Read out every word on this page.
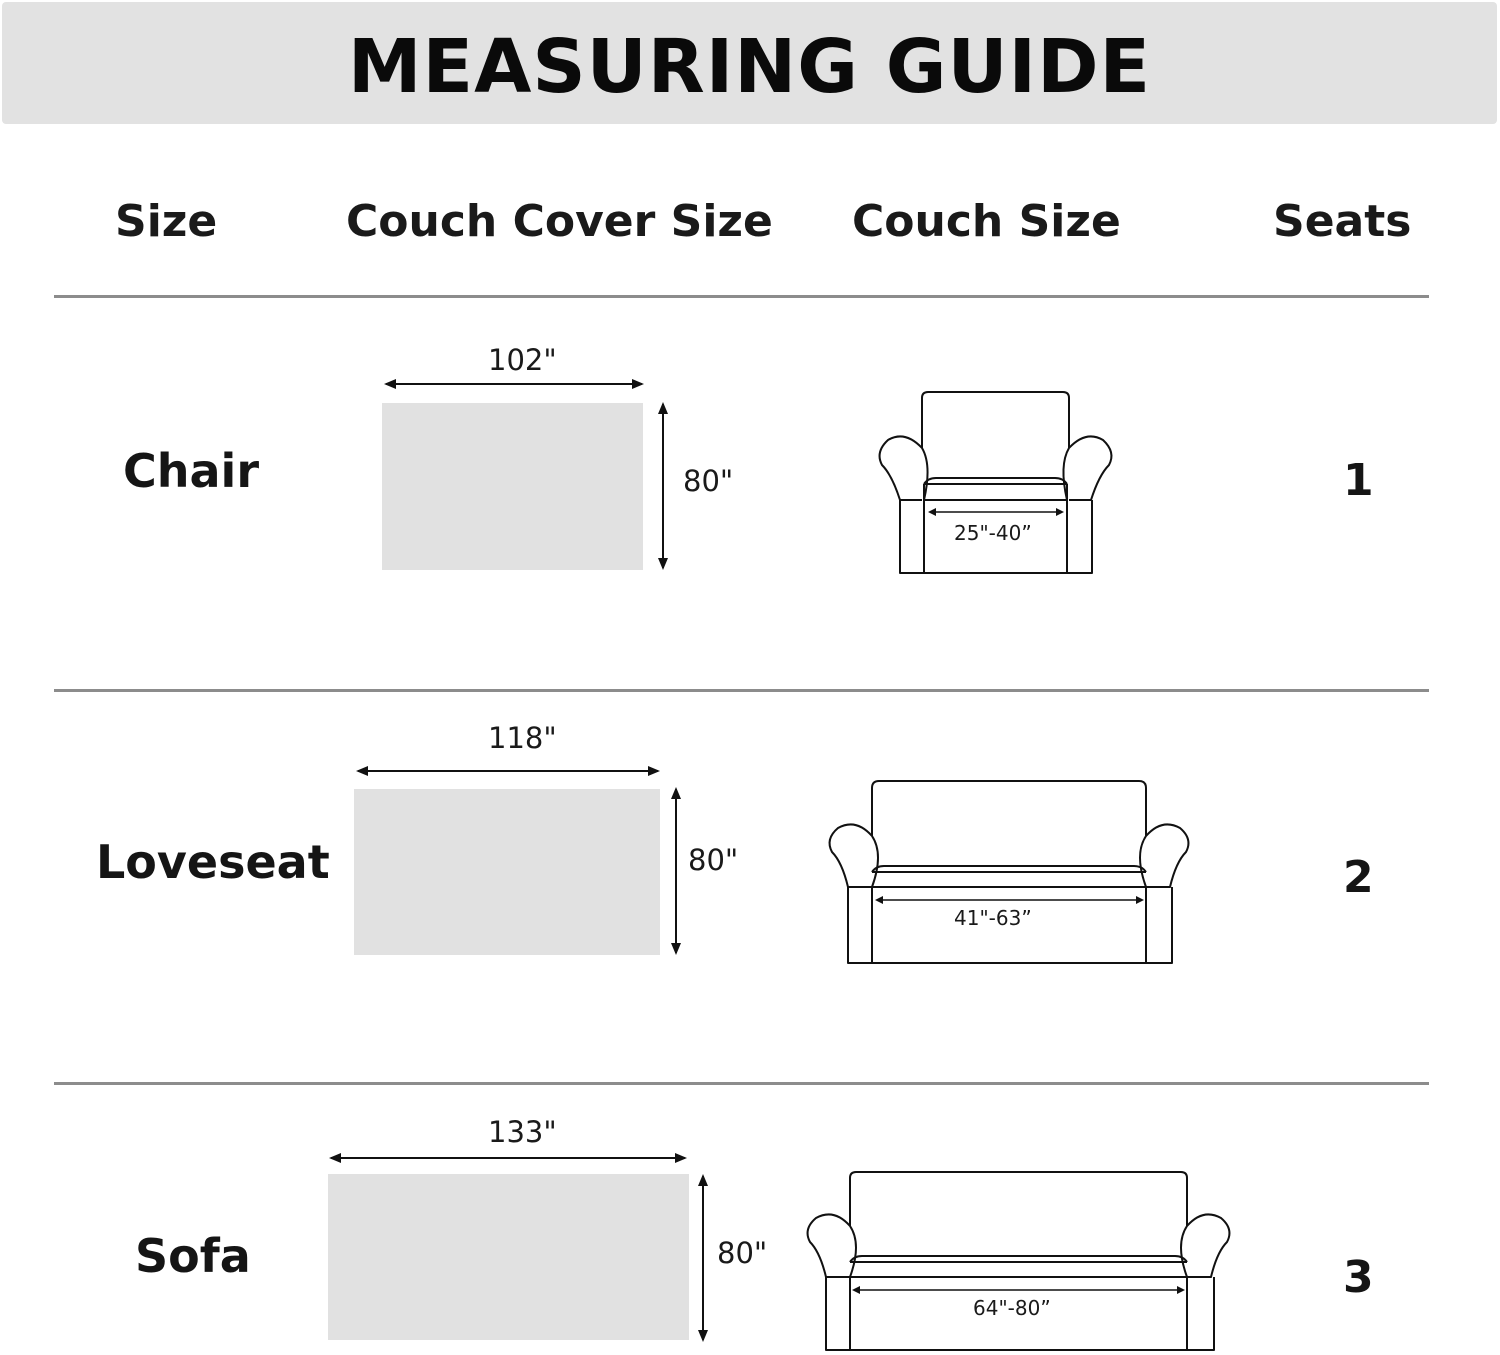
MEASURING GUIDE
Size	Couch Cover Size Couch Size	Seats
Chair
102"
80"
25"-40”
1
Loveseat
118"
80"
41"-63”
2
Sofa
133"
80"
64"-80”
3
